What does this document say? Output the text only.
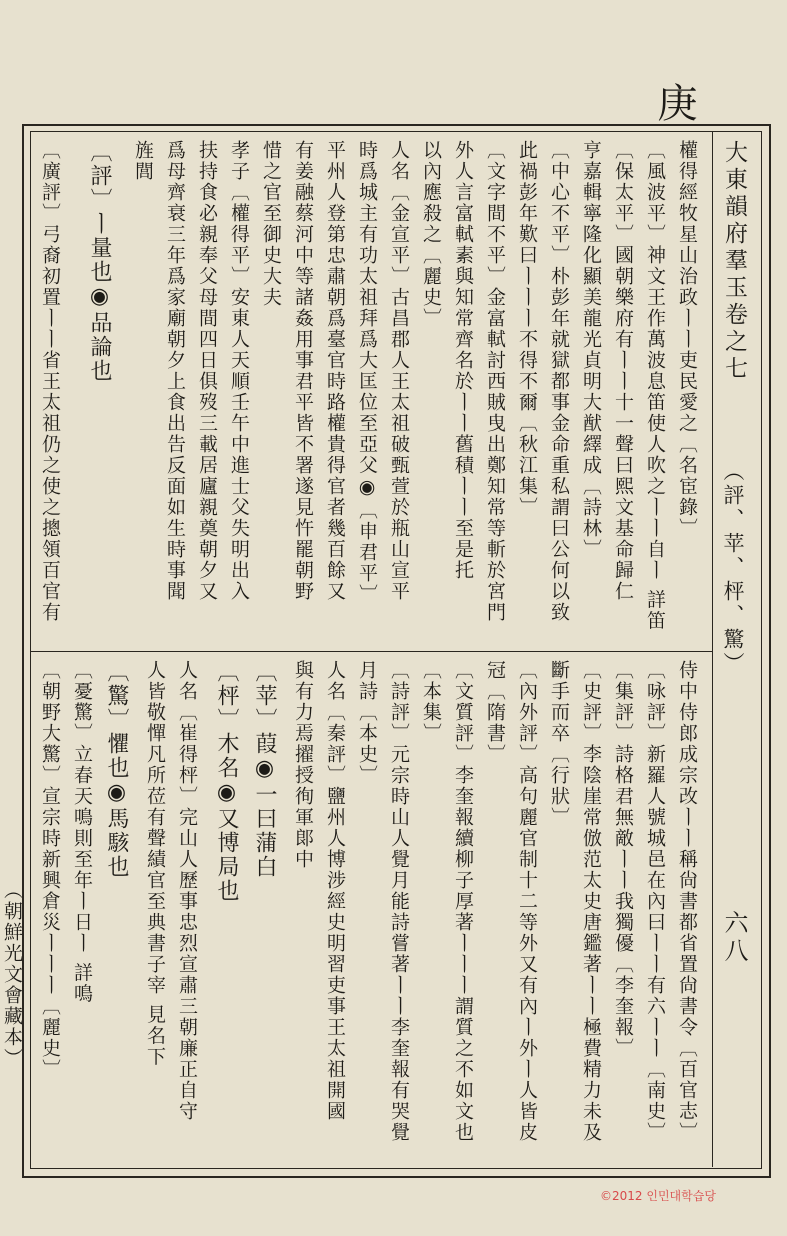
庚
大東韻府羣玉卷之七
（評、苹、枰、驚）
六八
權得經牧星山治政ㅣㅣ吏民愛之〔名宦錄〕
〔風波平〕神文王作萬波息笛使人吹之ㅣㅣ自ㅣ 詳笛
〔保太平〕國朝樂府有ㅣㅣ十一聲曰熙文基命歸仁
亨嘉輯寧隆化顯美龍光貞明大猷繹成〔詩林〕
〔中心不平〕朴彭年就獄都事金命重私謂曰公何以致
此禍彭年歎曰ㅣㅣㅣ不得不爾〔秋江集〕
〔文字間不平〕金富軾討西賊曳出鄭知常等斬於宮門
外人言富軾素與知常齊名於ㅣㅣ舊積ㅣㅣ至是托
以內應殺之〔麗史〕
人名〔金宣平〕古昌郡人王太祖破甄萱於瓶山宣平
時爲城主有功太祖拜爲大匡位至亞父◉〔申君平〕
平州人登第忠肅朝爲臺官時路權貴得官者幾百餘又
有姜融蔡河中等諸姦用事君平皆不署遂見忤罷朝野
惜之官至御史大夫
孝子〔權得平〕安東人天順壬午中進士父失明出入
扶持食必親奉父母間四日俱歿三載居廬親奠朝夕又
爲母齊衰三年爲家廟朝夕上食出告反面如生時事聞
旌閭
〔評〕ㅣ量也◉品論也
〔廣評〕弓裔初置ㅣㅣ省王太祖仍之使之摠領百官有
侍中侍郎成宗改ㅣㅣ稱尙書都省置尙書令〔百官志〕
〔咏評〕新羅人號城邑在內曰ㅣㅣ有六ㅣㅣ〔南史〕
〔集評〕詩格君無敵ㅣㅣ我獨優〔李奎報〕
〔史評〕李陰崖常倣范太史唐鑑著ㅣㅣ極費精力未及
斷手而卒〔行狀〕
〔內外評〕高句麗官制十二等外又有內ㅣ外ㅣ人皆皮
冠〔隋書〕
〔文質評〕李奎報續柳子厚著ㅣㅣㅣ謂質之不如文也
〔本集〕
〔詩評〕元宗時山人覺月能詩嘗著ㅣㅣ李奎報有哭覺
月詩〔本史〕
人名〔秦評〕鹽州人博涉經史明習吏事王太祖開國
與有力焉擢授徇軍郞中
〔苹〕葭◉一曰蒲白
〔枰〕木名◉又博局也
人名〔崔得枰〕完山人歷事忠烈宣肅三朝廉正自守
人皆敬憚凡所莅有聲績官至典書子宰 見名下
〔驚〕懼也◉馬駭也
〔憂驚〕立春天鳴則至年ㅣ日ㅣ 詳鳴
〔朝野大驚〕宣宗時新興倉災ㅣㅣㅣ〔麗史〕
（朝鮮光文會藏本）
©2012 인민대학습당
